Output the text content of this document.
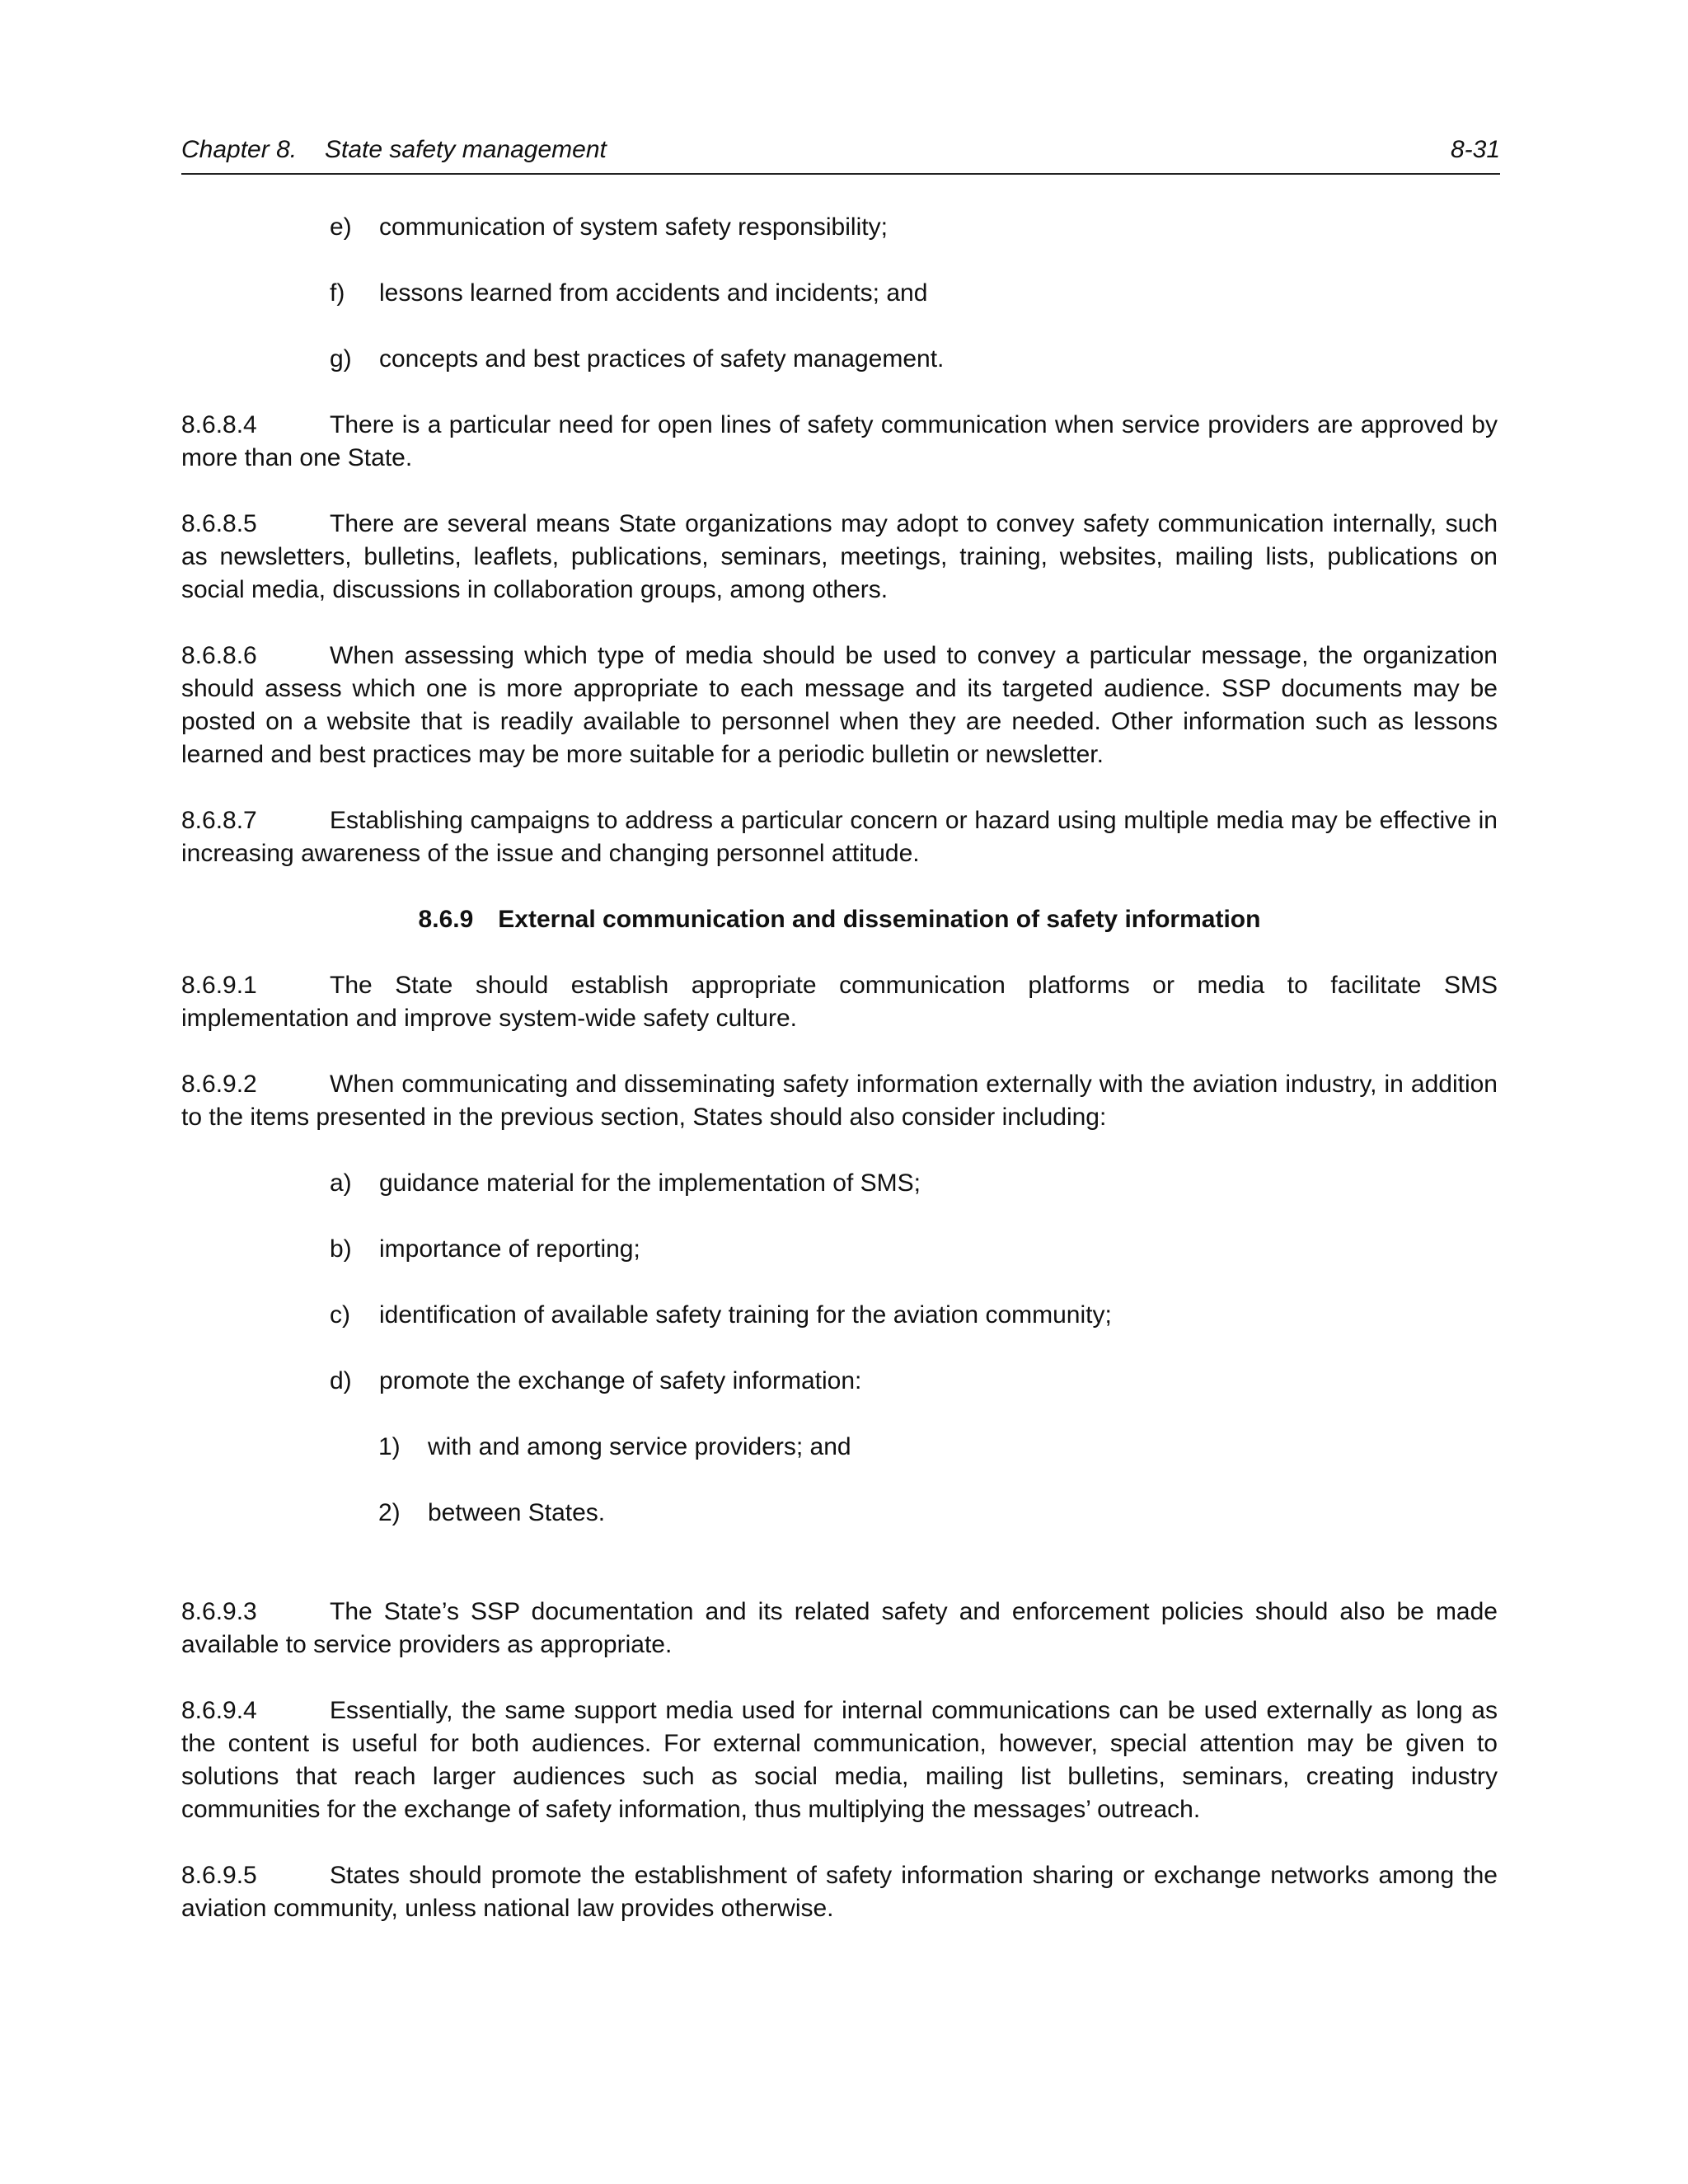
Chapter 8. State safety management	8-31
e) communication of system safety responsibility;
f) lessons learned from accidents and incidents; and
g) concepts and best practices of safety management.

8.6.8.4	There is a particular need for open lines of safety communication when service providers are approved by more than one State.

8.6.8.5	There are several means State organizations may adopt to convey safety communication internally, such as newsletters, bulletins, leaflets, publications, seminars, meetings, training, websites, mailing lists, publications on social media, discussions in collaboration groups, among others.

8.6.8.6	When assessing which type of media should be used to convey a particular message, the organization should assess which one is more appropriate to each message and its targeted audience. SSP documents may be posted on a website that is readily available to personnel when they are needed. Other information such as lessons learned and best practices may be more suitable for a periodic bulletin or newsletter.

8.6.8.7	Establishing campaigns to address a particular concern or hazard using multiple media may be effective in increasing awareness of the issue and changing personnel attitude.

8.6.9 External communication and dissemination of safety information

8.6.9.1	The State should establish appropriate communication platforms or media to facilitate SMS implementation and improve system-wide safety culture.

8.6.9.2	When communicating and disseminating safety information externally with the aviation industry, in addition to the items presented in the previous section, States should also consider including:

a) guidance material for the implementation of SMS;
b) importance of reporting;
c) identification of available safety training for the aviation community;
d) promote the exchange of safety information:
1) with and among service providers; and
2) between States.

8.6.9.3	The State’s SSP documentation and its related safety and enforcement policies should also be made available to service providers as appropriate.

8.6.9.4	Essentially, the same support media used for internal communications can be used externally as long as the content is useful for both audiences. For external communication, however, special attention may be given to solutions that reach larger audiences such as social media, mailing list bulletins, seminars, creating industry communities for the exchange of safety information, thus multiplying the messages’ outreach.

8.6.9.5	States should promote the establishment of safety information sharing or exchange networks among the aviation community, unless national law provides otherwise.
